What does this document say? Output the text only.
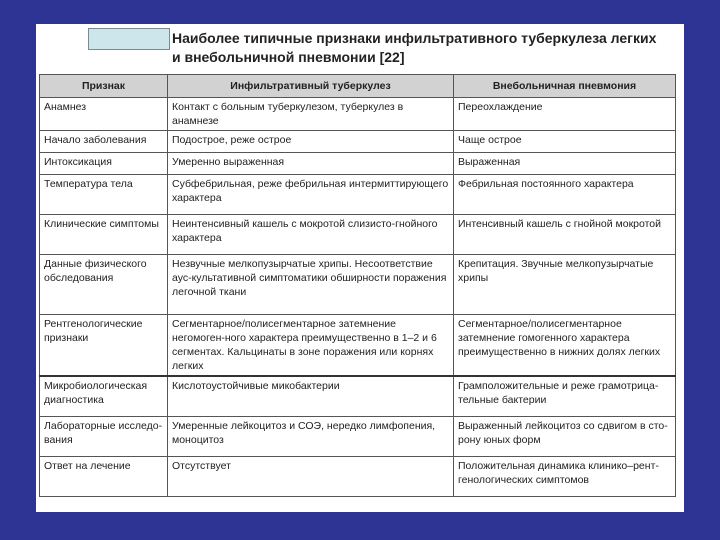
Наиболее типичные признаки инфильтративного туберкулеза легких
и внебольничной пневмонии [22]
Признак	Инфильтративный туберкулез	Внебольничная пневмония
Анамнез	Контакт с больным туберкулезом, туберкулез в анамнезе	Переохлаждение
Начало заболевания	Подострое, реже острое	Чаще острое
Интоксикация	Умеренно выраженная	Выраженная
Температура тела	Субфебрильная, реже фебрильная интермиттирующего характера	Фебрильная постоянного характера
Клинические симптомы	Неинтенсивный кашель с мокротой слизисто-гнойного характера	Интенсивный кашель с гнойной мокротой
Данные физического обследования	Незвучные мелкопузырчатые хрипы. Несоответствие аус-культативной симптоматики обширности поражения легочной ткани	Крепитация. Звучные мелкопузырчатые хрипы
Рентгенологические признаки	Сегментарное/полисегментарное затемнение негомоген-ного характера преимущественно в 1–2 и 6 сегментах. Кальцинаты в зоне поражения или корнях легких	Сегментарное/полисегментарное затемнение гомогенного характера преимущественно в нижних долях легких
Микробиологическая диагностика	Кислотоустойчивые микобактерии	Грамположительные и реже грамотрица-тельные бактерии
Лабораторные исследо-вания	Умеренные лейкоцитоз и СОЭ, нередко лимфопения, моноцитоз	Выраженный лейкоцитоз со сдвигом в сто-рону юных форм
Ответ на лечение	Отсутствует	Положительная динамика клинико–рент-генологических симптомов
